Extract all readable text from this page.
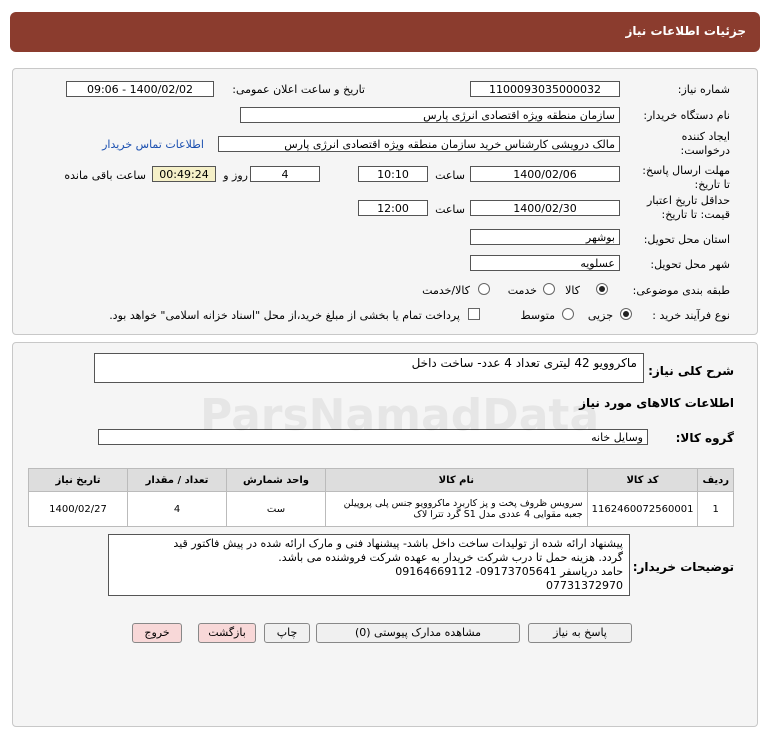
جزئیات اطلاعات نیاز
شماره نیاز:
1100093035000032
تاریخ و ساعت اعلان عمومی:
1400/02/02 - 09:06
نام دستگاه خریدار:
سازمان منطقه ویژه اقتصادی انرژی پارس
ایجاد کننده درخواست:
مالک درویشی کارشناس خرید سازمان منطقه ویژه اقتصادی انرژی پارس
اطلاعات تماس خریدار
مهلت ارسال پاسخ: تا تاریخ:
1400/02/06
ساعت
10:10
4
روز و
00:49:24
ساعت باقی مانده
حداقل تاریخ اعتبار قیمت: تا تاریخ:
1400/02/30
ساعت
12:00
استان محل تحویل:
بوشهر
شهر محل تحویل:
عسلویه
طبقه بندی موضوعی:
کالا
خدمت
کالا/خدمت
نوع فرآیند خرید :
جزیی
متوسط
پرداخت تمام یا بخشی از مبلغ خرید،از محل "اسناد خزانه اسلامی" خواهد بود.
شرح کلی نیاز:
ماکروویو 42 لیتری تعداد 4 عدد- ساخت داخل
اطلاعات کالاهای مورد نیاز
گروه کالا:
وسایل خانه
ParsNamadData
ردیف	کد کالا	نام کالا	واحد شمارش	تعداد / مقدار	تاریخ نیاز
1	1162460072560001	سرویس ظروف پخت و پز کاربرد ماکروویو جنس پلی پروپیلن جعبه مقوایی 4 عددی مدل S1 گرد تترا لاک	ست	4	1400/02/27
توضیحات خریدار:
پیشنهاد ارائه شده از تولیدات ساخت داخل باشد- پیشنهاد فنی و مارک ارائه شده در پیش فاکتور قید
گردد. هزینه حمل تا درب شرکت خریدار به عهده شرکت فروشنده می باشد.
حامد دریاسفر 09173705641- 09164669112
07731372970
پاسخ به نیاز
مشاهده مدارک پیوستی (0)
چاپ
بازگشت
خروج
